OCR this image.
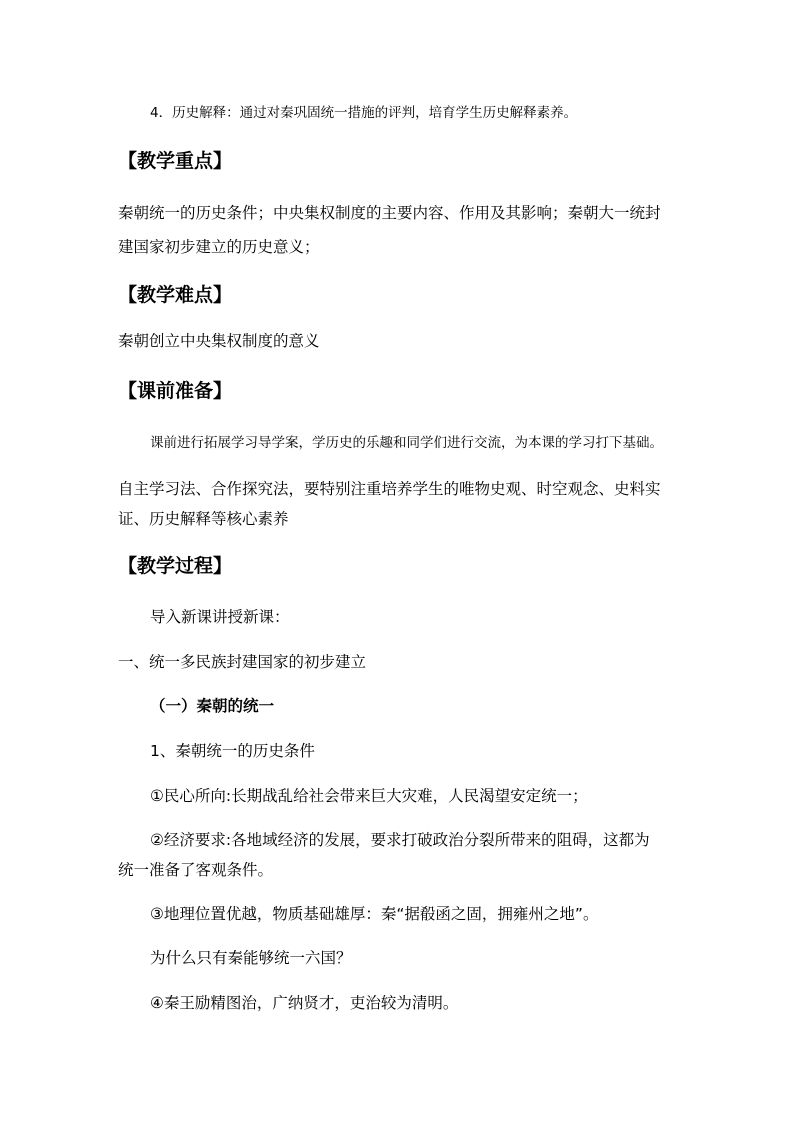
4．历史解释：通过对秦巩固统一措施的评判，培育学生历史解释素养。
【教学重点】
秦朝统一的历史条件；中央集权制度的主要内容、作用及其影响；秦朝大一统封
建国家初步建立的历史意义；
【教学难点】
秦朝创立中央集权制度的意义
【课前准备】
课前进行拓展学习导学案，学历史的乐趣和同学们进行交流，为本课的学习打下基础。
自主学习法、合作探究法，要特别注重培养学生的唯物史观、时空观念、史料实
证、历史解释等核心素养
【教学过程】
导入新课讲授新课：
一、统一多民族封建国家的初步建立
（一）秦朝的统一
1、秦朝统一的历史条件
①民心所向:长期战乱给社会带来巨大灾难，人民渴望安定统一；
②经济要求:各地域经济的发展，要求打破政治分裂所带来的阻碍，这都为
统一准备了客观条件。
③地理位置优越，物质基础雄厚：秦“据殽函之固，拥雍州之地”。
为什么只有秦能够统一六国？
④秦王励精图治，广纳贤才，吏治较为清明。
